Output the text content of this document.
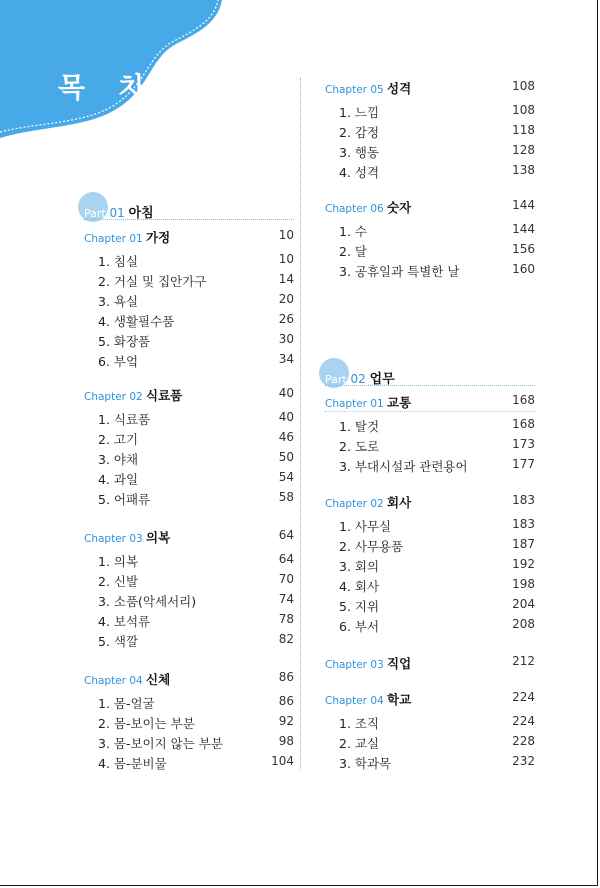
목 차
Part 01 아침
Chapter 01 가정	10
1. 침실	10
2. 거실 및 집안가구	14
3. 욕실	20
4. 생활필수품	26
5. 화장품	30
6. 부엌	34
Chapter 02 식료품	40
1. 식료품	40
2. 고기	46
3. 야채	50
4. 과일	54
5. 어패류	58
Chapter 03 의복	64
1. 의복	64
2. 신발	70
3. 소품(악세서리)	74
4. 보석류	78
5. 색깔	82
Chapter 04 신체	86
1. 몸-얼굴	86
2. 몸-보이는 부분	92
3. 몸-보이지 않는 부분	98
4. 몸-분비물	104
Chapter 05 성격	108
1. 느낌	108
2. 감정	118
3. 행동	128
4. 성격	138
Chapter 06 숫자	144
1. 수	144
2. 달	156
3. 공휴일과 특별한 날	160
Part 02 업무
Chapter 01 교통	168
1. 탈것	168
2. 도로	173
3. 부대시설과 관련용어	177
Chapter 02 회사	183
1. 사무실	183
2. 사무용품	187
3. 회의	192
4. 회사	198
5. 지위	204
6. 부서	208
Chapter 03 직업	212
Chapter 04 학교	224
1. 조직	224
2. 교실	228
3. 학과목	232
